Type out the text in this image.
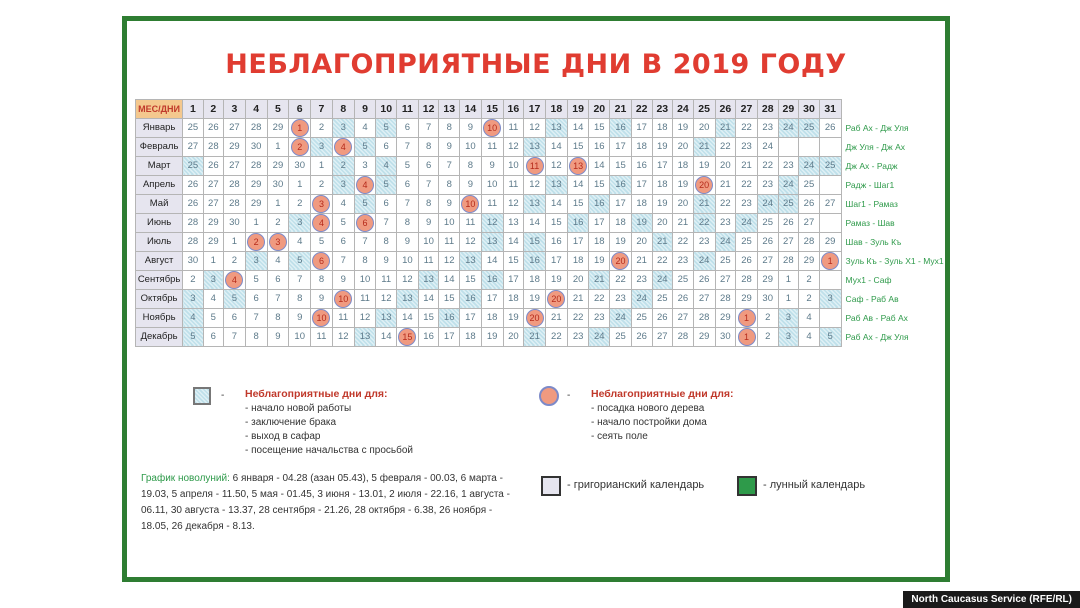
НЕБЛАГОПРИЯТНЫЕ ДНИ В 2019 ГОДУ
МЕС/ДНИ	1	2	3	4	5	6	7	8	9	10	11	12	13	14	15	16	17	18	19	20	21	22	23	24	25	26	27	28	29	30	31	
Январь	25	26	27	28	29	1	2	3	4	5	6	7	8	9	10	11	12	13	14	15	16	17	18	19	20	21	22	23	24	25	26	Раб Ах - Дж Уля
Февраль	27	28	29	30	1	2	3	4	5	6	7	8	9	10	11	12	13	14	15	16	17	18	19	20	21	22	23	24				Дж Уля - Дж Ах
Март	25	26	27	28	29	30	1	2	3	4	5	6	7	8	9	10	11	12	13	14	15	16	17	18	19	20	21	22	23	24	25	Дж Ах - Радж
Апрель	26	27	28	29	30	1	2	3	4	5	6	7	8	9	10	11	12	13	14	15	16	17	18	19	20	21	22	23	24	25		Радж - Шаг1
Май	26	27	28	29	1	2	3	4	5	6	7	8	9	10	11	12	13	14	15	16	17	18	19	20	21	22	23	24	25	26	27	Шаг1 - Рамаз
Июнь	28	29	30	1	2	3	4	5	6	7	8	9	10	11	12	13	14	15	16	17	18	19	20	21	22	23	24	25	26	27		Рамаз - Шав
Июль	28	29	1	2	3	4	5	6	7	8	9	10	11	12	13	14	15	16	17	18	19	20	21	22	23	24	25	26	27	28	29	Шав - Зуль Къ
Август	30	1	2	3	4	5	6	7	8	9	10	11	12	13	14	15	16	17	18	19	20	21	22	23	24	25	26	27	28	29	1	Зуль Къ - Зуль Х1 - Мух1
Сентябрь	2	3	4	5	6	7	8	9	10	11	12	13	14	15	16	17	18	19	20	21	22	23	24	25	26	27	28	29	1	2		Мух1 - Саф
Октябрь	3	4	5	6	7	8	9	10	11	12	13	14	15	16	17	18	19	20	21	22	23	24	25	26	27	28	29	30	1	2	3	Саф - Раб Ав
Ноябрь	4	5	6	7	8	9	10	11	12	13	14	15	16	17	18	19	20	21	22	23	24	25	26	27	28	29	1	2	3	4		Раб Ав - Раб Ах
Декабрь	5	6	7	8	9	10	11	12	13	14	15	16	17	18	19	20	21	22	23	24	25	26	27	28	29	30	1	2	3	4	5	Раб Ах - Дж Уля
- Неблагоприятные дни для:
- начало новой работы
- заключение брака
- выход в сафар
- посещение начальства с просьбой
- Неблагоприятные дни для:
- посадка нового дерева
- начало постройки дома
- сеять поле
График новолуний: 6 января - 04.28 (азан 05.43), 5 февраля - 00.03, 6 марта - 19.03, 5 апреля - 11.50, 5 мая - 01.45, 3 июня - 13.01, 2 июля - 22.16, 1 августа - 06.11, 30 августа - 13.37, 28 сентября - 21.26, 28 октября - 6.38, 26 ноября - 18.05, 26 декабря - 8.13.
- григорианский календарь	- лунный календарь
North Caucasus Service (RFE/RL)
